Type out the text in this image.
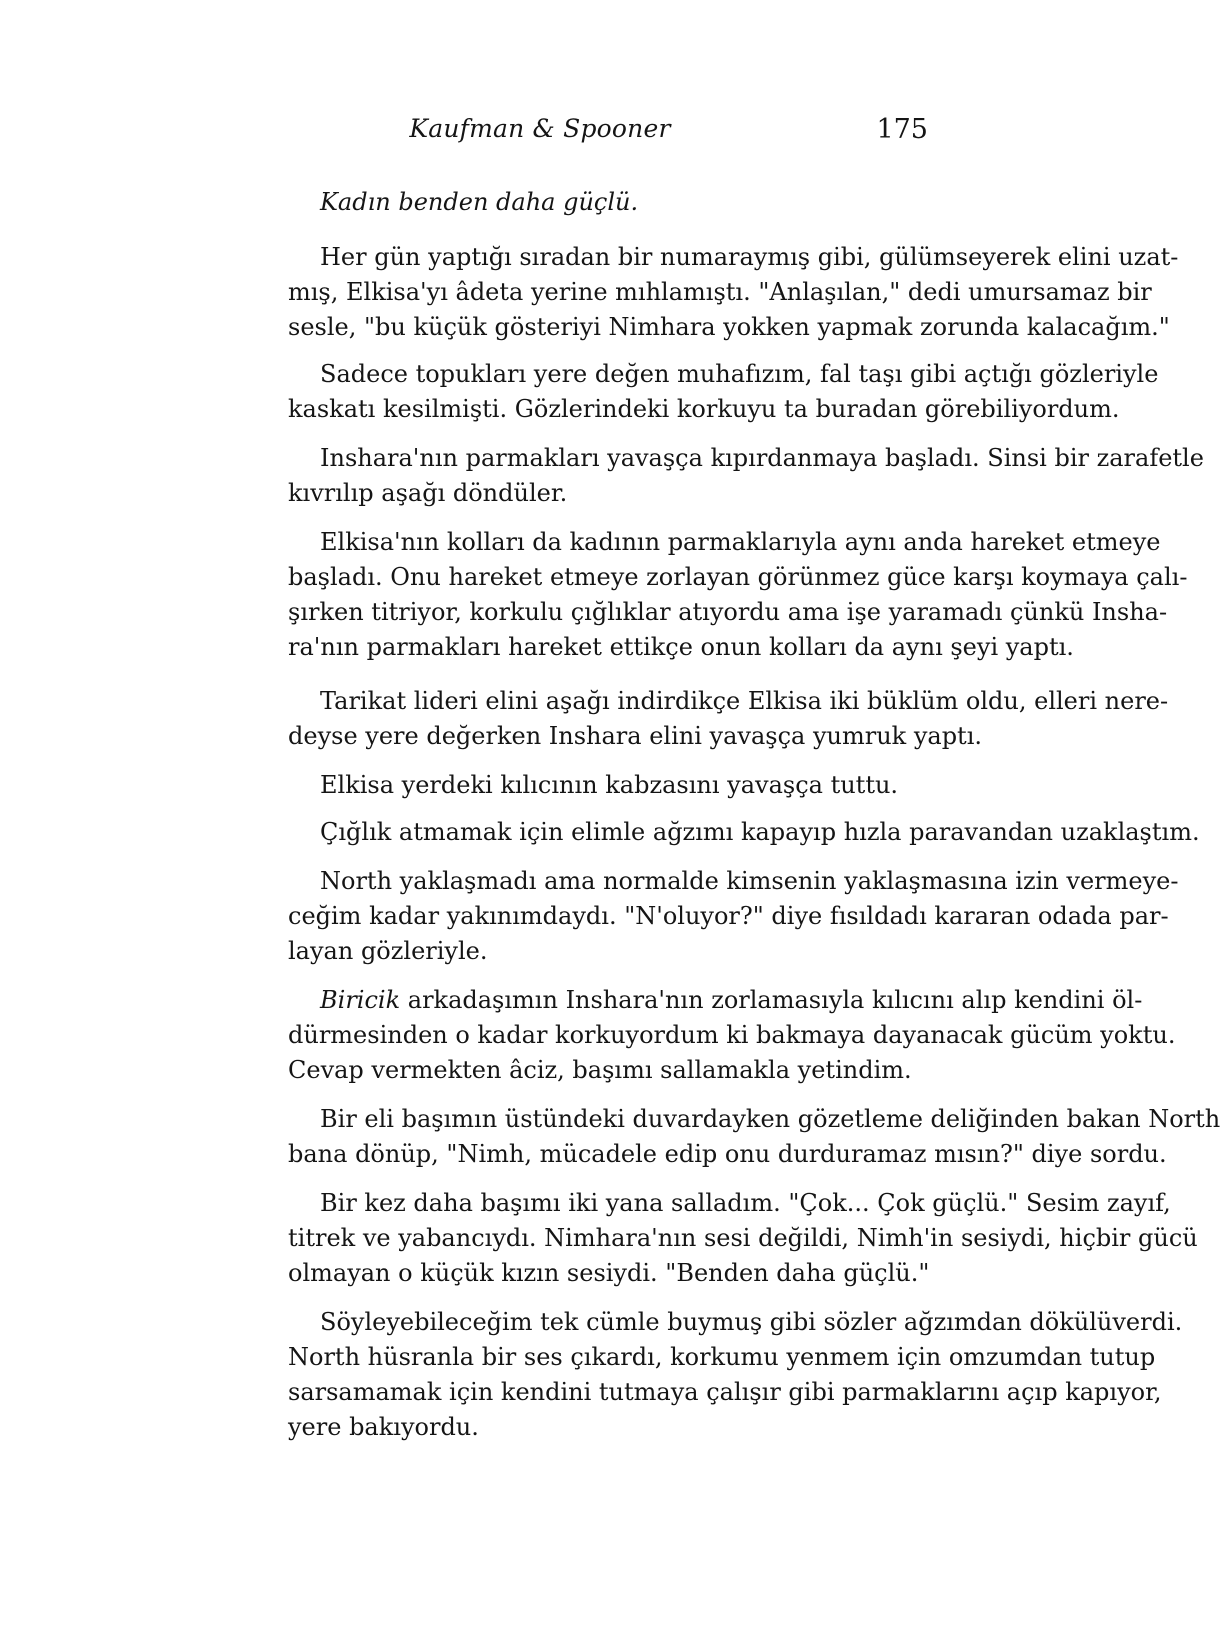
Kaufman & Spooner	175
Kadın benden daha güçlü.
Her gün yaptığı sıradan bir numaraymış gibi, gülümseyerek elini uzat-
mış, Elkisa'yı âdeta yerine mıhlamıştı. "Anlaşılan," dedi umursamaz bir
sesle, "bu küçük gösteriyi Nimhara yokken yapmak zorunda kalacağım."
Sadece topukları yere değen muhafızım, fal taşı gibi açtığı gözleriyle
kaskatı kesilmişti. Gözlerindeki korkuyu ta buradan görebiliyordum.
Inshara'nın parmakları yavaşça kıpırdanmaya başladı. Sinsi bir zarafetle
kıvrılıp aşağı döndüler.
Elkisa'nın kolları da kadının parmaklarıyla aynı anda hareket etmeye
başladı. Onu hareket etmeye zorlayan görünmez güce karşı koymaya çalı-
şırken titriyor, korkulu çığlıklar atıyordu ama işe yaramadı çünkü Insha-
ra'nın parmakları hareket ettikçe onun kolları da aynı şeyi yaptı.
Tarikat lideri elini aşağı indirdikçe Elkisa iki büklüm oldu, elleri nere-
deyse yere değerken Inshara elini yavaşça yumruk yaptı.
Elkisa yerdeki kılıcının kabzasını yavaşça tuttu.
Çığlık atmamak için elimle ağzımı kapayıp hızla paravandan uzaklaştım.
North yaklaşmadı ama normalde kimsenin yaklaşmasına izin vermeye-
ceğim kadar yakınımdaydı. "N'oluyor?" diye fısıldadı kararan odada par-
layan gözleriyle.
Biricik arkadaşımın Inshara'nın zorlamasıyla kılıcını alıp kendini öl-
dürmesinden o kadar korkuyordum ki bakmaya dayanacak gücüm yoktu.
Cevap vermekten âciz, başımı sallamakla yetindim.
Bir eli başımın üstündeki duvardayken gözetleme deliğinden bakan North
bana dönüp, "Nimh, mücadele edip onu durduramaz mısın?" diye sordu.
Bir kez daha başımı iki yana salladım. "Çok... Çok güçlü." Sesim zayıf,
titrek ve yabancıydı. Nimhara'nın sesi değildi, Nimh'in sesiydi, hiçbir gücü
olmayan o küçük kızın sesiydi. "Benden daha güçlü."
Söyleyebileceğim tek cümle buymuş gibi sözler ağzımdan dökülüverdi.
North hüsranla bir ses çıkardı, korkumu yenmem için omzumdan tutup
sarsamamak için kendini tutmaya çalışır gibi parmaklarını açıp kapıyor,
yere bakıyordu.
